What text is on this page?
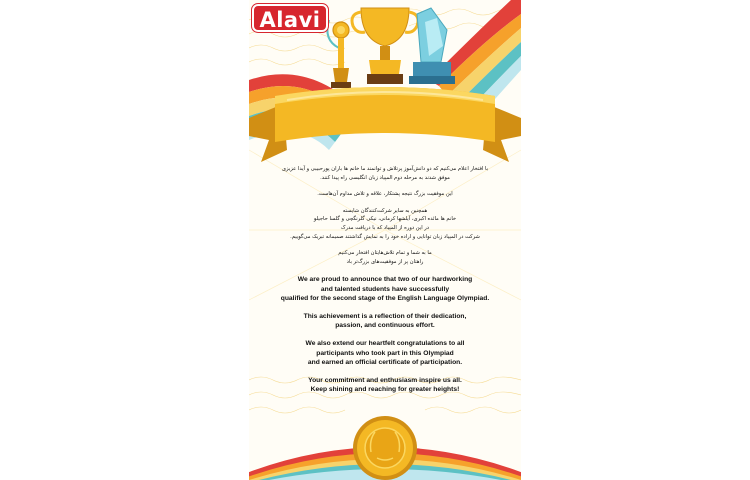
Alavi

با افتخار اعلام می‌کنیم که دو دانش‌آموز پرتلاش و توانمند ما خانم ها باران پورحبیبی و آیدا عزیزی

موفق شدند به مرحله دوم المپیاد زبان انگلیسی راه پیدا کنند.

این موفقیت بزرگ نتیجه پشتکار، علاقه و تلاش مداوم آن‌هاست.

همچنین به سایر شرکت‌کنندگان شایسته

خانم ها مائده اکبری، آیلشها کرمانی، نیکی گلرنگچی و گلسا حاجیلو

در این دوره از المپیاد که با دریافت مدرک

شرکت در المپیاد زبان توانایی و اراده خود را به نمایش گذاشتند صمیمانه تبریک می‌گوییم.

ما به شما و تمام تلاش‌هایتان افتخار می‌کنیم

راهتان پر از موفقیت‌های بزرگ‌تر باد

We are proud to announce that two of our hardworking

and talented students have successfully

qualified for the second stage of the English Language Olympiad.

This achievement is a reflection of their dedication,

passion, and continuous effort.

We also extend our heartfelt congratulations to all

participants who took part in this Olympiad

and earned an official certificate of participation.

Your commitment and enthusiasm inspire us all.

Keep shining and reaching for greater heights!
